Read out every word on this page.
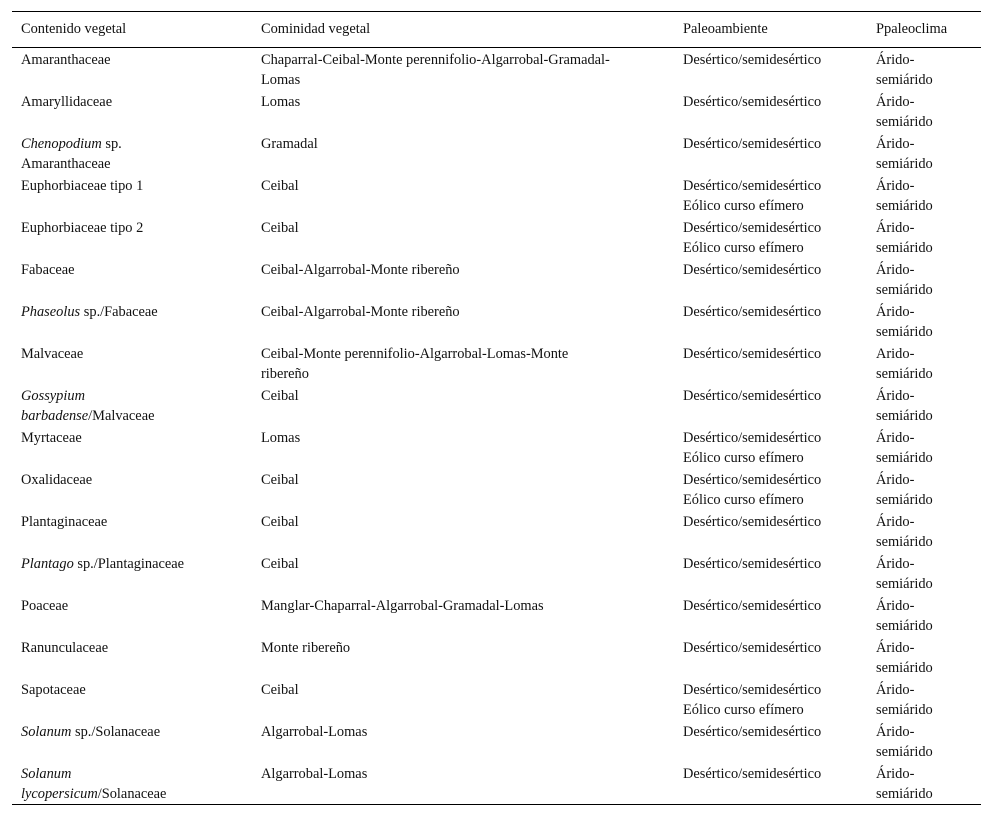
Contenido vegetal	Cominidad vegetal	Paleoambiente	Ppaleoclima
Amaranthaceae	Chaparral-Ceibal-Monte perennifolio-Algarrobal-Gramadal-
Lomas	Desértico/semidesértico	Árido-
semiárido

Amaryllidaceae	Lomas	Desértico/semidesértico	Árido-
semiárido

Chenopodium sp.
Amaranthaceae	Gramadal	Desértico/semidesértico	Árido-
semiárido

Euphorbiaceae tipo 1	Ceibal	Desértico/semidesértico
Eólico curso efímero	Árido-
semiárido

Euphorbiaceae tipo 2	Ceibal	Desértico/semidesértico
Eólico curso efímero	Árido-
semiárido

Fabaceae	Ceibal-Algarrobal-Monte ribereño	Desértico/semidesértico	Árido-
semiárido

Phaseolus sp./Fabaceae	Ceibal-Algarrobal-Monte ribereño	Desértico/semidesértico	Árido-
semiárido

Malvaceae	Ceibal-Monte perennifolio-Algarrobal-Lomas-Monte
ribereño	Desértico/semidesértico	Arido-
semiárido

Gossypium
barbadense/Malvaceae	Ceibal	Desértico/semidesértico	Árido-
semiárido

Myrtaceae	Lomas	Desértico/semidesértico
Eólico curso efímero	Árido-
semiárido

Oxalidaceae	Ceibal	Desértico/semidesértico
Eólico curso efímero	Árido-
semiárido

Plantaginaceae	Ceibal	Desértico/semidesértico	Árido-
semiárido

Plantago sp./Plantaginaceae	Ceibal	Desértico/semidesértico	Árido-
semiárido

Poaceae	Manglar-Chaparral-Algarrobal-Gramadal-Lomas	Desértico/semidesértico	Árido-
semiárido

Ranunculaceae	Monte ribereño	Desértico/semidesértico	Árido-
semiárido

Sapotaceae	Ceibal	Desértico/semidesértico
Eólico curso efímero	Árido-
semiárido

Solanum sp./Solanaceae	Algarrobal-Lomas	Desértico/semidesértico	Árido-
semiárido

Solanum
lycopersicum/Solanaceae	Algarrobal-Lomas	Desértico/semidesértico	Árido-
semiárido
